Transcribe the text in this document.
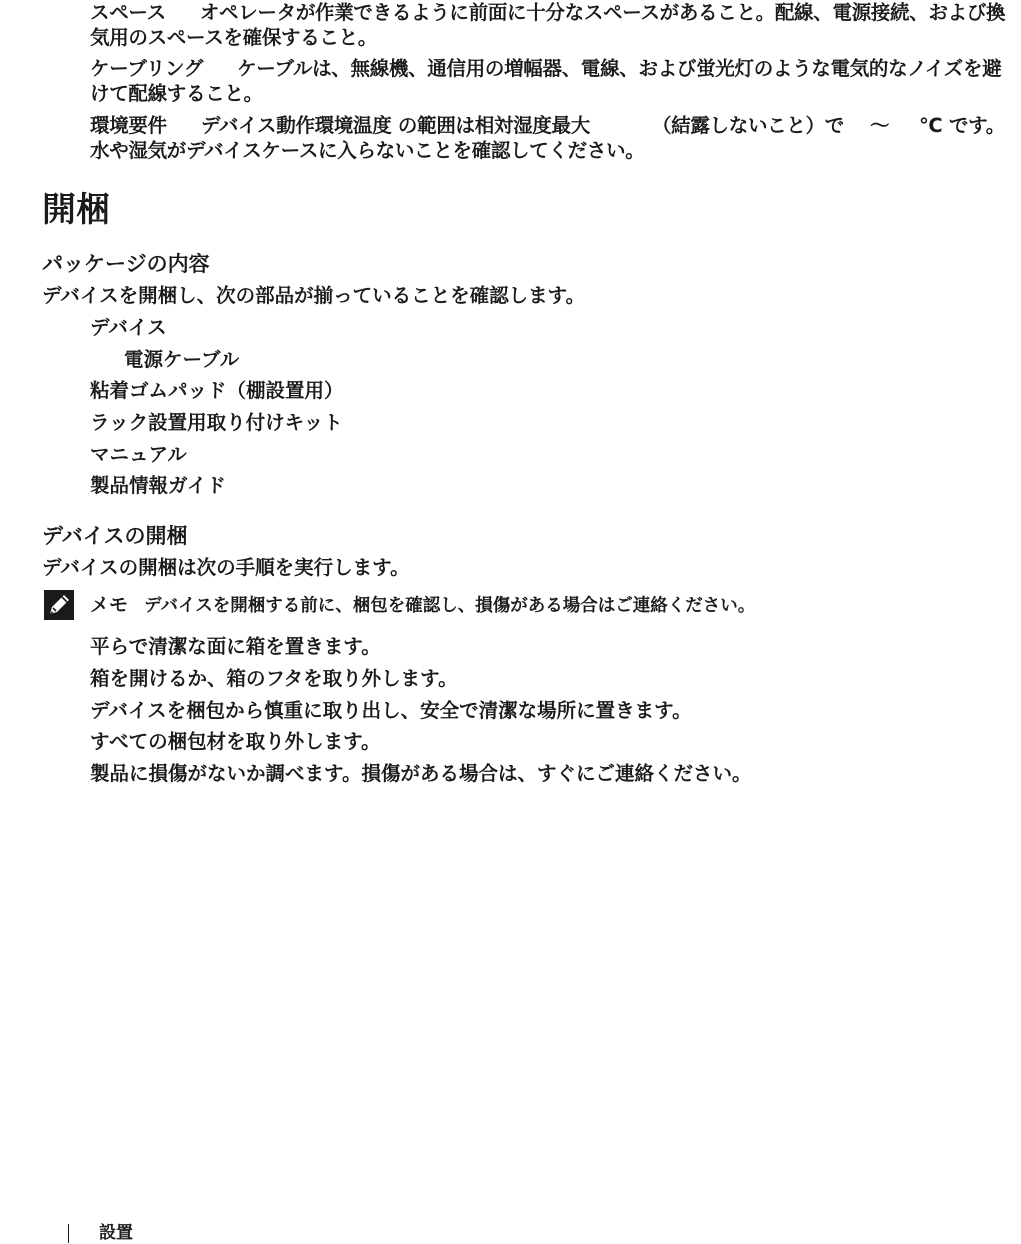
スペース オペレータが作業できるように前面に十分なスペースがあること。配線、電源接続、および換気用のスペースを確保すること。
ケーブリング ケーブルは、無線機、通信用の増幅器、電線、および蛍光灯のような電気的なノイズを避けて配線すること。
環境要件 デバイス動作環境温度 の範囲は相対湿度最大	（結露しないこと）で 〜 ℃ です。
水や湿気がデバイスケースに入らないことを確認してください。
開梱
パッケージの内容
デバイスを開梱し、次の部品が揃っていることを確認します。
デバイス
電源ケーブル
粘着ゴムパッド（棚設置用）
ラック設置用取り付けキット
マニュアル
製品情報ガイド
デバイスの開梱
デバイスの開梱は次の手順を実行します。
メモ デバイスを開梱する前に、梱包を確認し、損傷がある場合はご連絡ください。
平らで清潔な面に箱を置きます。
箱を開けるか、箱のフタを取り外します。
デバイスを梱包から慎重に取り出し、安全で清潔な場所に置きます。
すべての梱包材を取り外します。
製品に損傷がないか調べます。損傷がある場合は、すぐにご連絡ください。
設置
